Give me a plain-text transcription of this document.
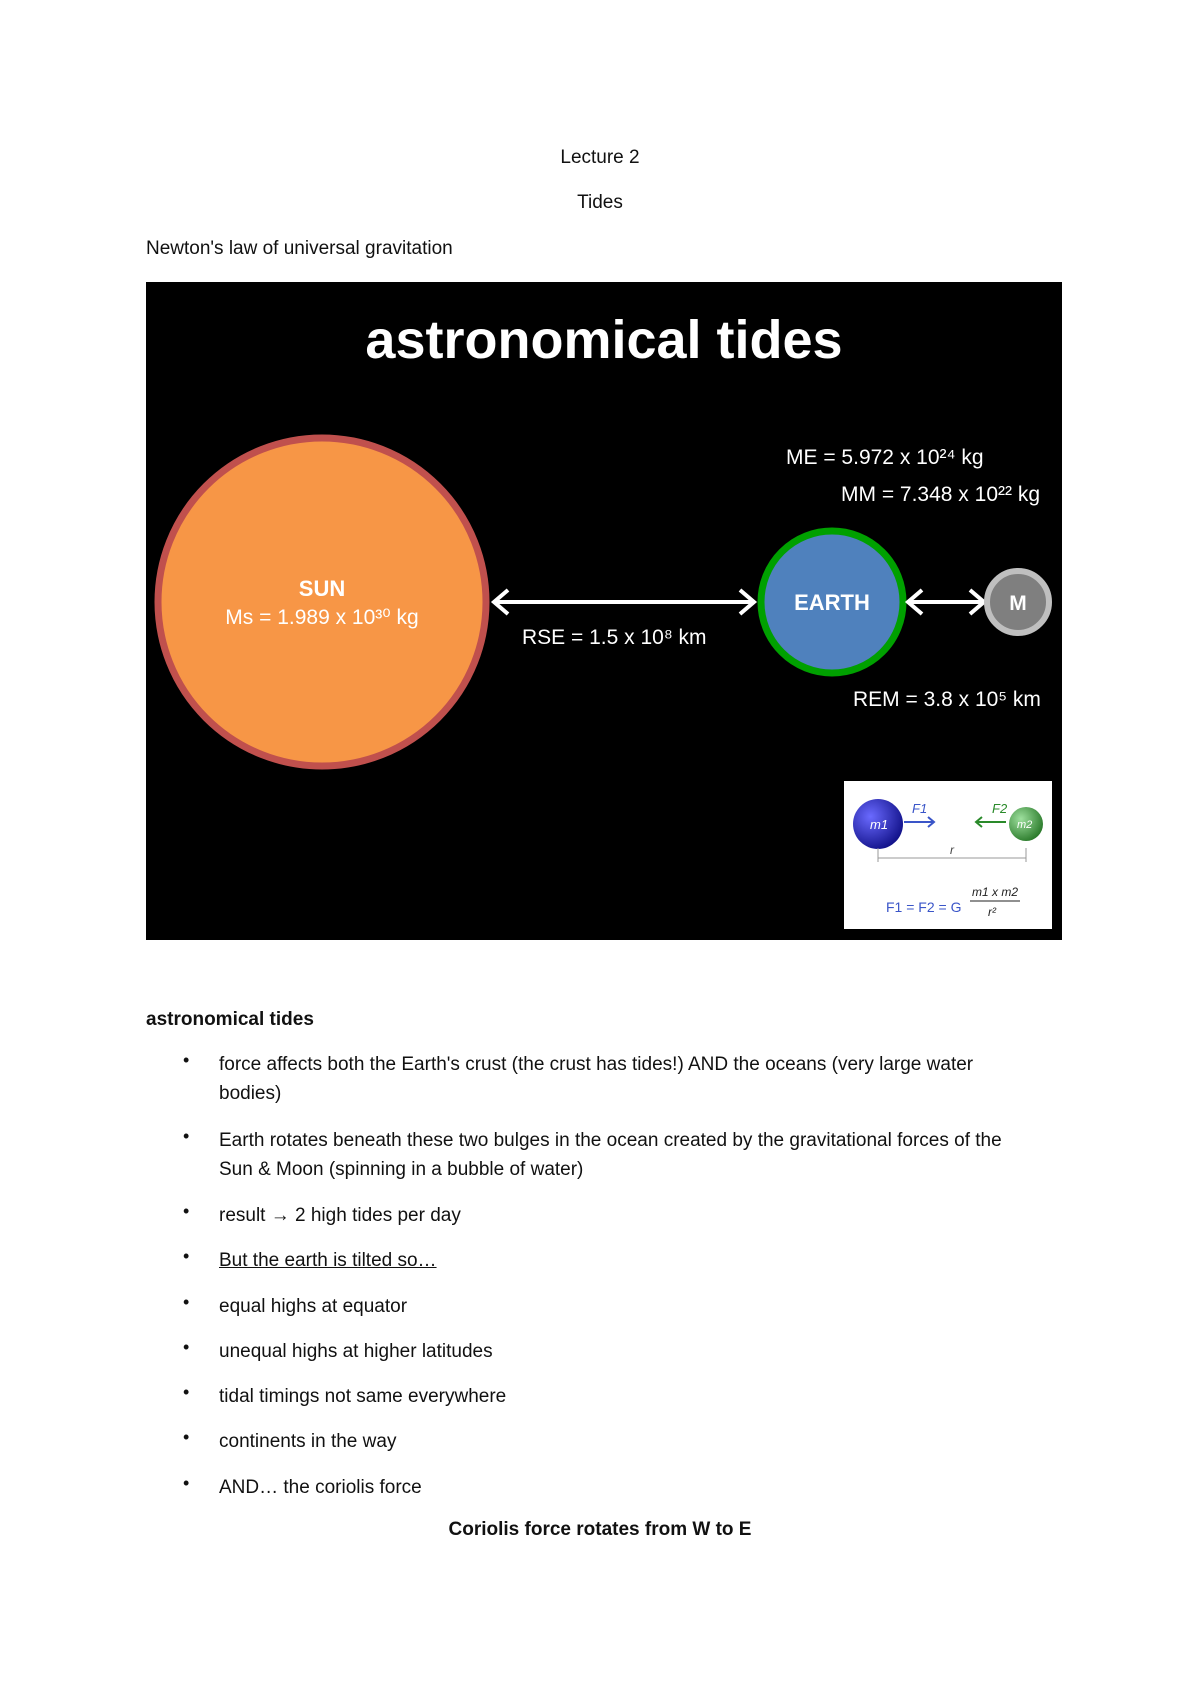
Lecture 2
Tides
Newton's law of universal gravitation
astronomical tides
SUN
Ms = 1.989 x 10³⁰ kg
RSE = 1.5 x 10⁸ km
EARTH	M
ME = 5.972 x 10²⁴ kg
MM = 7.348 x 10²² kg
REM = 3.8 x 10⁵ km
m1	m2
F1	F2
r
F1 = F2 = G
m1 x m2
r²
astronomical tides
• force affects both the Earth's crust (the crust has tides!) AND the oceans (very large water bodies)
• Earth rotates beneath these two bulges in the ocean created by the gravitational forces of the Sun & Moon (spinning in a bubble of water)
• result → 2 high tides per day
• But the earth is tilted so…
• equal highs at equator
• unequal highs at higher latitudes
• tidal timings not same everywhere
• continents in the way
• AND… the coriolis force
Coriolis force rotates from W to E
